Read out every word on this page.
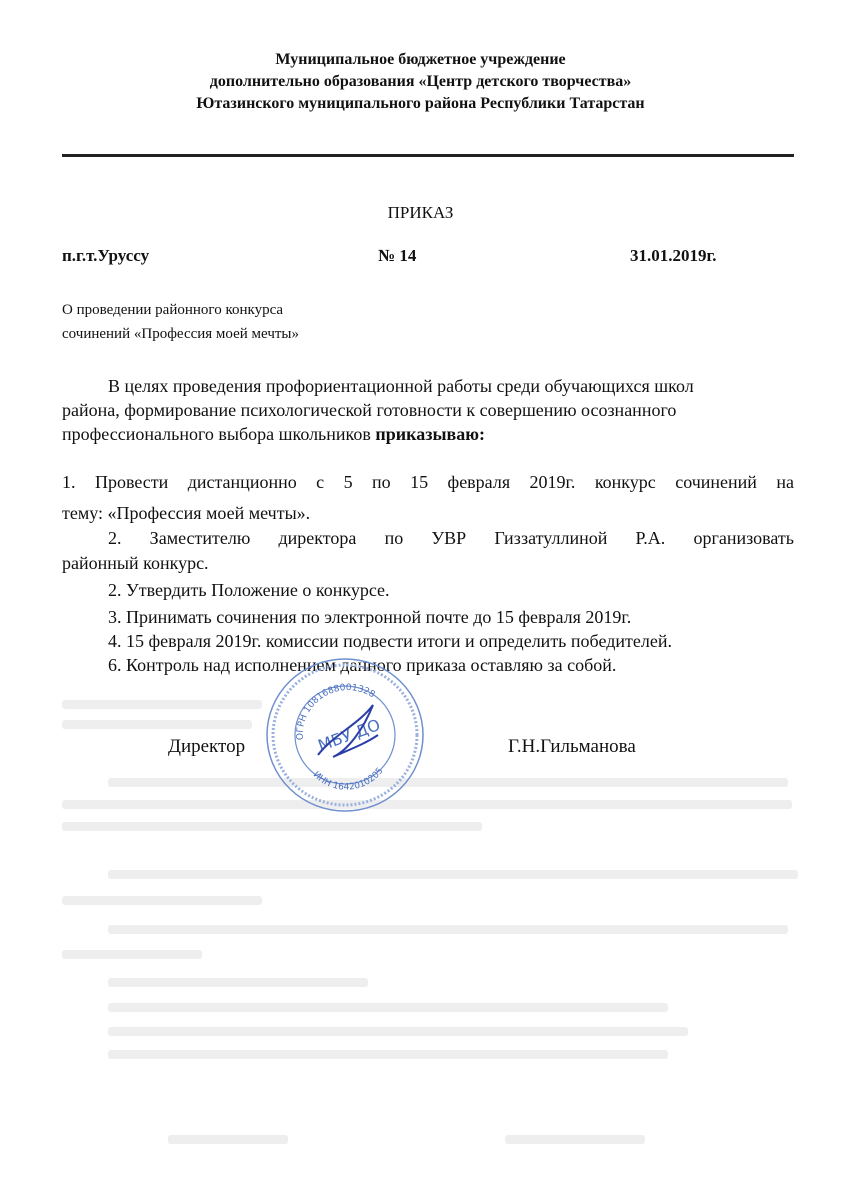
Муниципальное бюджетное учреждение
дополнительно образования «Центр детского творчества»
Ютазинского муниципального района Республики Татарстан
ПРИКАЗ
п.г.т.Уруссу	№ 14	31.01.2019г.
О проведении районного конкурса
сочинений «Профессия моей мечты»
В целях проведения профориентационной работы среди обучающихся школ
района, формирование психологической готовности к совершению осознанного
профессионального выбора школьников приказываю:
1. Провести дистанционно с 5 по 15 февраля 2019г. конкурс сочинений на
тему: «Профессия моей мечты».
2. Заместителю директора по УВР Гиззатуллиной Р.А. организовать
районный конкурс.
2. Утвердить Положение о конкурсе.
3. Принимать сочинения по электронной почте до 15 февраля 2019г.
4. 15 февраля 2019г. комиссии подвести итоги и определить победителей.
6. Контроль над исполнением данного приказа оставляю за собой.
Директор	Г.Н.Гильманова
ОГРН 1081688001328
ИНН 1642010205
МБУ ДО
